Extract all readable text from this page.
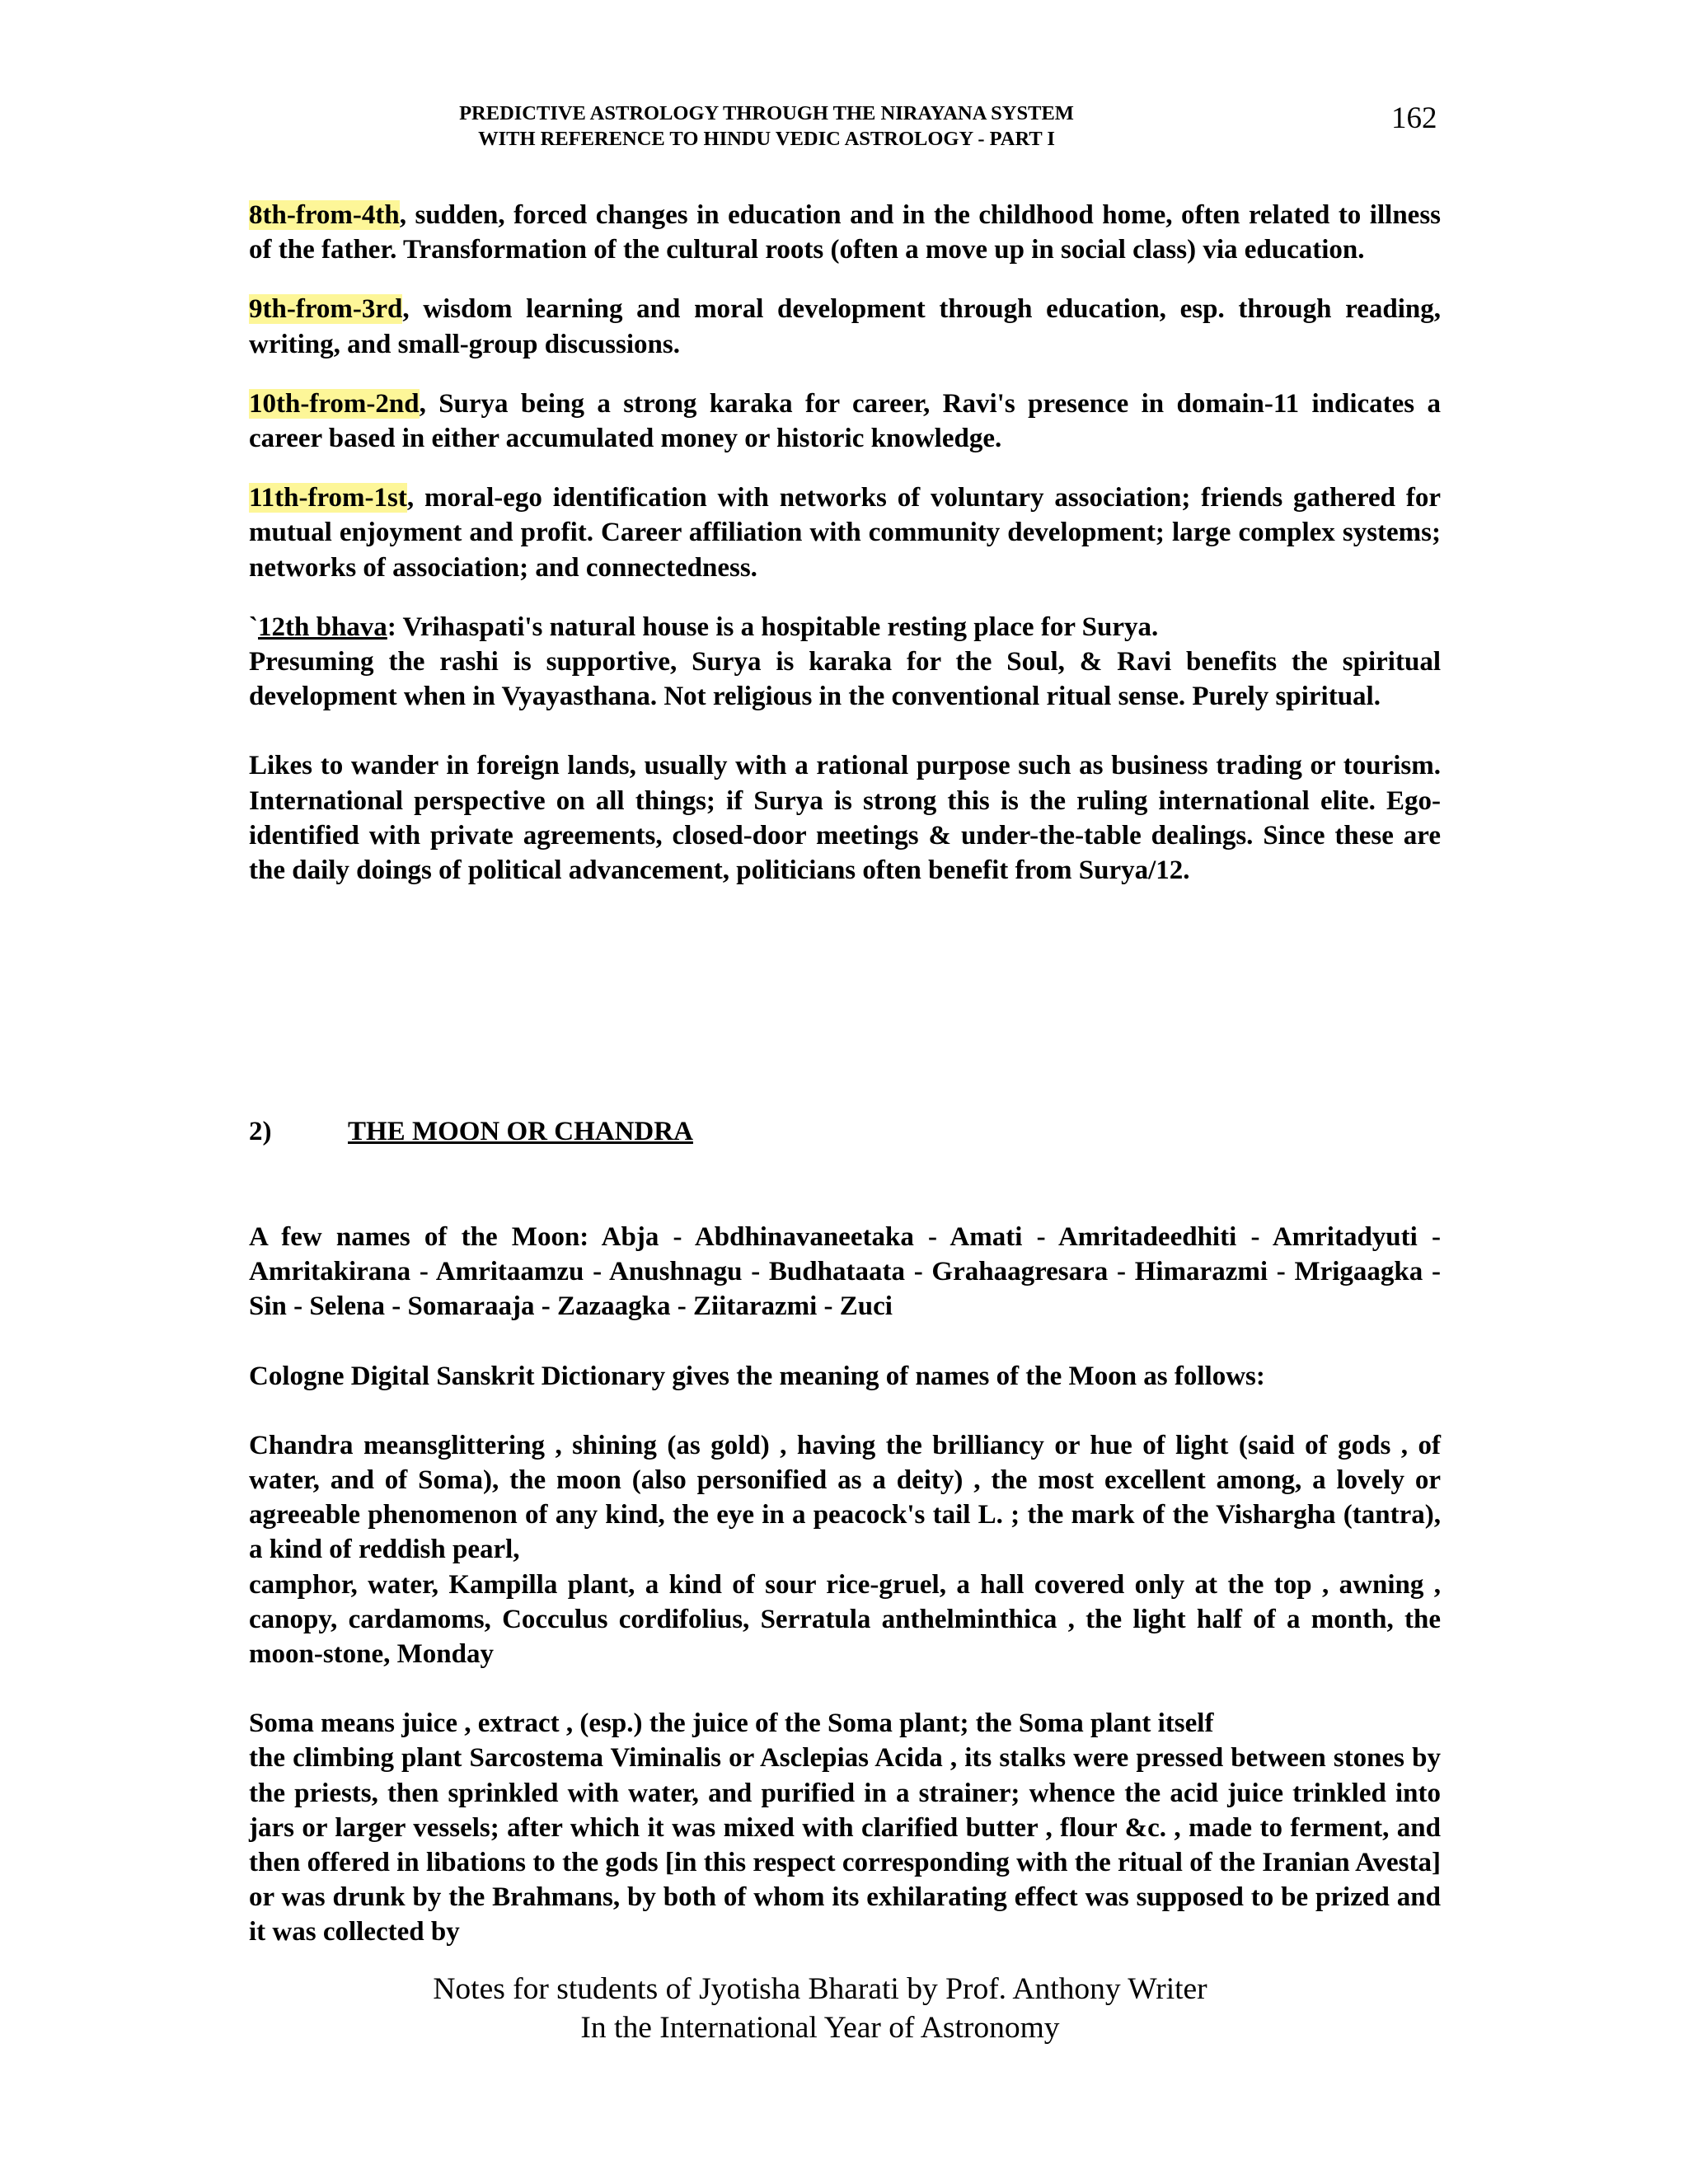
PREDICTIVE ASTROLOGY THROUGH THE NIRAYANA SYSTEM
WITH REFERENCE TO HINDU VEDIC ASTROLOGY - PART I
162

8th-from-4th, sudden, forced changes in education and in the childhood home, often related to illness of the father. Transformation of the cultural roots (often a move up in social class) via education.

9th-from-3rd, wisdom learning and moral development through education, esp. through reading, writing, and small-group discussions.

10th-from-2nd, Surya being a strong karaka for career, Ravi's presence in domain-11 indicates a career based in either accumulated money or historic knowledge.

11th-from-1st, moral-ego identification with networks of voluntary association; friends gathered for mutual enjoyment and profit. Career affiliation with community development; large complex systems; networks of association; and connectedness.

`12th bhava: Vrihaspati's natural house is a hospitable resting place for Surya.
Presuming the rashi is supportive, Surya is karaka for the Soul, & Ravi benefits the spiritual development when in Vyayasthana. Not religious in the conventional ritual sense. Purely spiritual.

Likes to wander in foreign lands, usually with a rational purpose such as business trading or tourism. International perspective on all things; if Surya is strong this is the ruling international elite. Ego-identified with private agreements, closed-door meetings & under-the-table dealings. Since these are the daily doings of political advancement, politicians often benefit from Surya/12.

2)	THE MOON OR CHANDRA

A few names of the Moon: Abja - Abdhinavaneetaka - Amati - Amritadeedhiti - Amritadyuti - Amritakirana - Amritaamzu - Anushnagu - Budhataata - Grahaagresara - Himarazmi - Mrigaagka - Sin - Selena - Somaraaja - Zazaagka - Ziitarazmi - Zuci

Cologne Digital Sanskrit Dictionary gives the meaning of names of the Moon as follows:

Chandra meansglittering , shining (as gold) , having the brilliancy or hue of light (said of gods , of water, and of Soma), the moon (also personified as a deity) , the most excellent among, a lovely or agreeable phenomenon of any kind, the eye in a peacock's tail L. ; the mark of the Vishargha (tantra), a kind of reddish pearl,

camphor, water, Kampilla plant, a kind of sour rice-gruel, a hall covered only at the top , awning , canopy, cardamoms, Cocculus cordifolius, Serratula anthelminthica , the light half of a month, the moon-stone, Monday

Soma means juice , extract , (esp.) the juice of the Soma plant; the Soma plant itself

the climbing plant Sarcostema Viminalis or Asclepias Acida , its stalks were pressed between stones by the priests, then sprinkled with water, and purified in a strainer; whence the acid juice trinkled into jars or larger vessels; after which it was mixed with clarified butter , flour &c. , made to ferment, and then offered in libations to the gods [in this respect corresponding with the ritual of the Iranian Avesta] or was drunk by the Brahmans, by both of whom its exhilarating effect was supposed to be prized and it was collected by

Notes for students of Jyotisha Bharati by Prof. Anthony Writer
In the International Year of Astronomy
